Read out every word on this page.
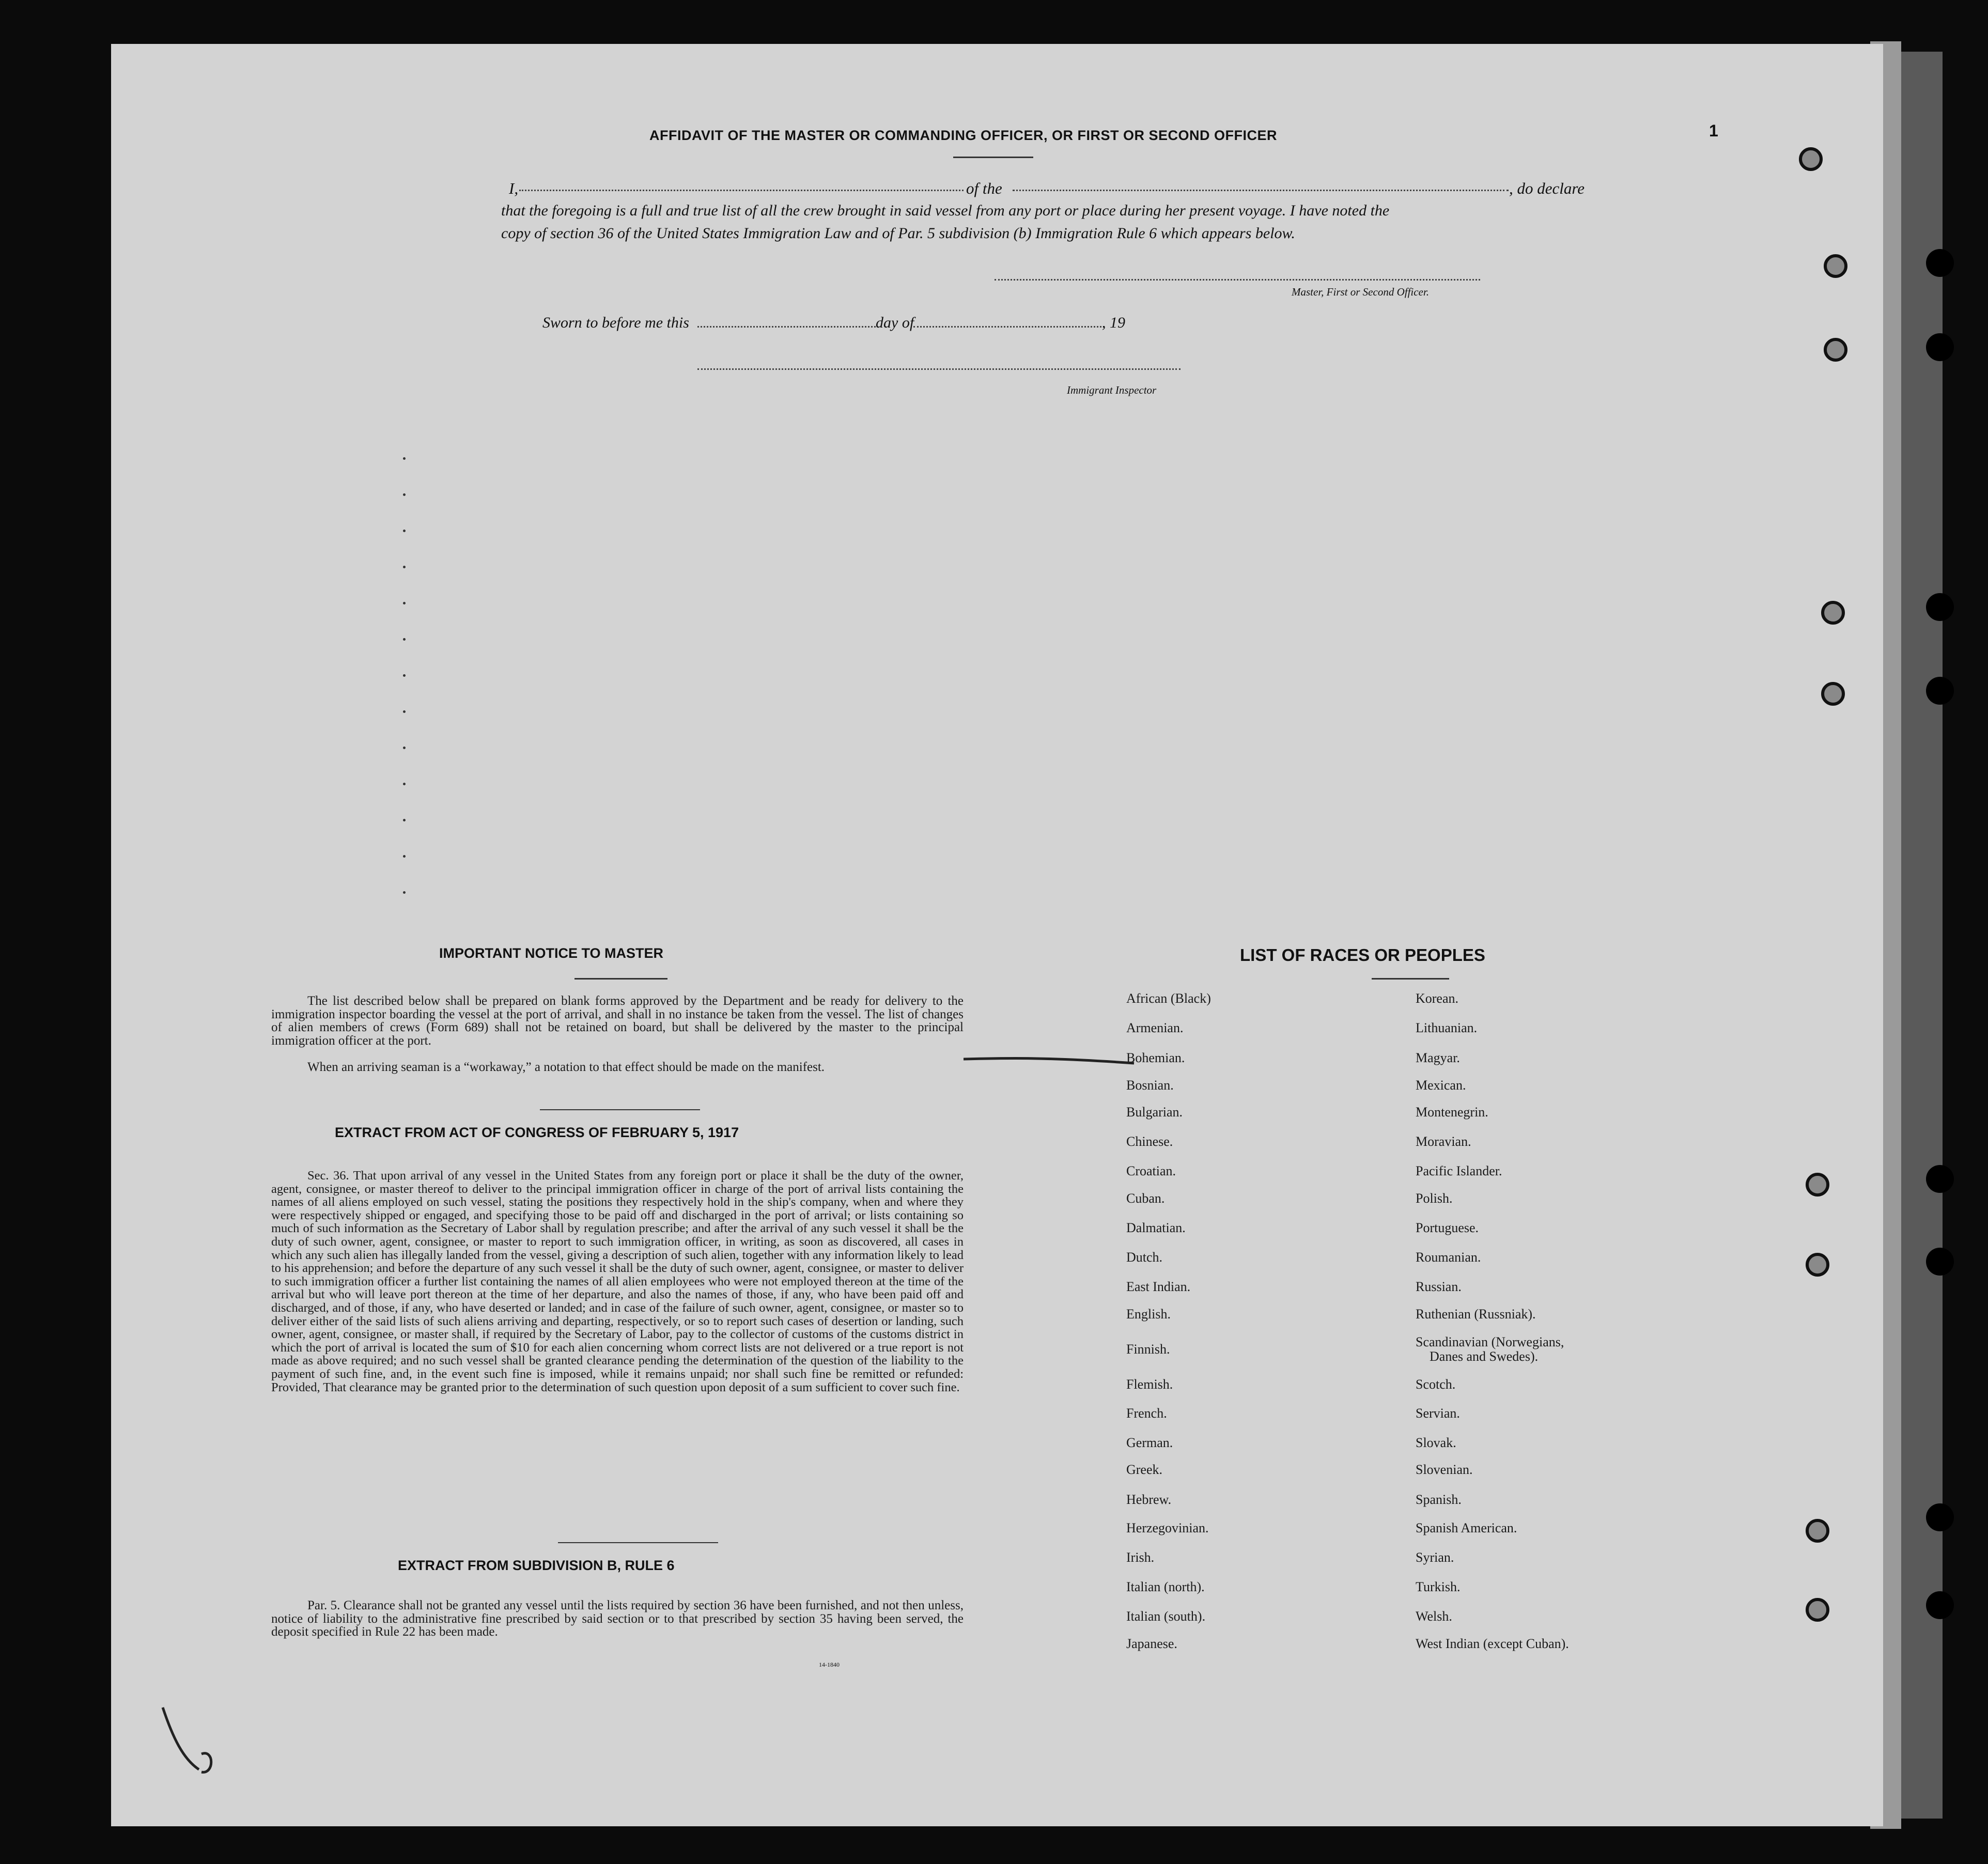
AFFIDAVIT OF THE MASTER OR COMMANDING OFFICER, OR FIRST OR SECOND OFFICER	1
I,	of the	, do declare
that the foregoing is a full and true list of all the crew brought in said vessel from any port or place during her present voyage. I have noted the
copy of section 36 of the United States Immigration Law and of Par. 5 subdivision (b) Immigration Rule 6 which appears below.
Master, First or Second Officer.
Sworn to before me this	day of	, 19
Immigrant Inspector
IMPORTANT NOTICE TO MASTER

The list described below shall be prepared on blank forms approved by the Department and be ready for delivery to the immigration inspector boarding the vessel at the port of arrival, and shall in no instance be taken from the vessel. The list of changes of alien members of crews (Form 689) shall not be retained on board, but shall be delivered by the master to the principal immigration officer at the port.

When an arriving seaman is a “workaway,” a notation to that effect should be made on the manifest.

EXTRACT FROM ACT OF CONGRESS OF FEBRUARY 5, 1917

Sec. 36. That upon arrival of any vessel in the United States from any foreign port or place it shall be the duty of the owner, agent, consignee, or master thereof to deliver to the principal immigration officer in charge of the port of arrival lists containing the names of all aliens employed on such vessel, stating the positions they respectively hold in the ship's company, when and where they were respectively shipped or engaged, and specifying those to be paid off and discharged in the port of arrival; or lists containing so much of such information as the Secretary of Labor shall by regulation prescribe; and after the arrival of any such vessel it shall be the duty of such owner, agent, consignee, or master to report to such immigration officer, in writing, as soon as discovered, all cases in which any such alien has illegally landed from the vessel, giving a description of such alien, together with any information likely to lead to his apprehension; and before the departure of any such vessel it shall be the duty of such owner, agent, consignee, or master to deliver to such immigration officer a further list containing the names of all alien employees who were not employed thereon at the time of the arrival but who will leave port thereon at the time of her departure, and also the names of those, if any, who have been paid off and discharged, and of those, if any, who have deserted or landed; and in case of the failure of such owner, agent, consignee, or master so to deliver either of the said lists of such aliens arriving and departing, respectively, or so to report such cases of desertion or landing, such owner, agent, consignee, or master shall, if required by the Secretary of Labor, pay to the collector of customs of the customs district in which the port of arrival is located the sum of $10 for each alien concerning whom correct lists are not delivered or a true report is not made as above required; and no such vessel shall be granted clearance pending the determination of the question of the liability to the payment of such fine, and, in the event such fine is imposed, while it remains unpaid; nor shall such fine be remitted or refunded: Provided, That clearance may be granted prior to the determination of such question upon deposit of a sum sufficient to cover such fine.

EXTRACT FROM SUBDIVISION B, RULE 6

Par. 5. Clearance shall not be granted any vessel until the lists required by section 36 have been furnished, and not then unless, notice of liability to the administrative fine prescribed by said section or to that prescribed by section 35 having been served, the deposit specified in Rule 22 has been made.

14-1840
LIST OF RACES OR PEOPLES
African (Black)
Armenian.
Bohemian.
Bosnian.
Bulgarian.
Chinese.
Croatian.
Cuban.
Dalmatian.
Dutch.
East Indian.
English.
Finnish.
Flemish.
French.
German.
Greek.
Hebrew.
Herzegovinian.
Irish.
Italian (north).
Italian (south).
Japanese.
Korean.
Lithuanian.
Magyar.
Mexican.
Montenegrin.
Moravian.
Pacific Islander.
Polish.
Portuguese.
Roumanian.
Russian.
Ruthenian (Russniak).
Scandinavian (Norwegians,
Danes and Swedes).
Scotch.
Servian.
Slovak.
Slovenian.
Spanish.
Spanish American.
Syrian.
Turkish.
Welsh.
West Indian (except Cuban).
